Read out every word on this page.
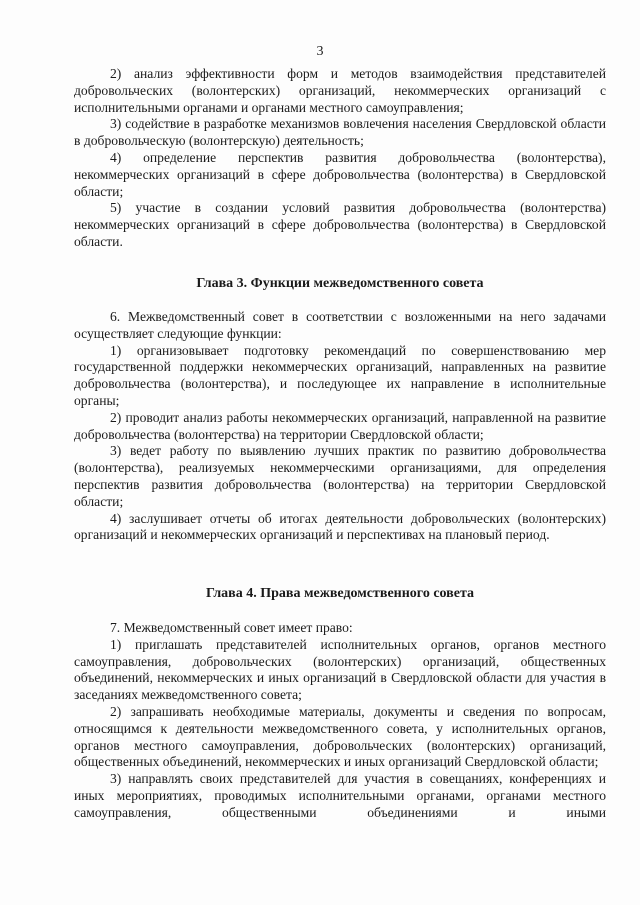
3

2) анализ эффективности форм и методов взаимодействия представителей добровольческих (волонтерских) организаций, некоммерческих организаций с исполнительными органами и органами местного самоуправления;

3) содействие в разработке механизмов вовлечения населения Свердловской области в добровольческую (волонтерскую) деятельность;

4) определение перспектив развития добровольчества (волонтерства), некоммерческих организаций в сфере добровольчества (волонтерства) в Свердловской области;

5) участие в создании условий развития добровольчества (волонтерства) некоммерческих организаций в сфере добровольчества (волонтерства) в Свердловской области.

Глава 3. Функции межведомственного совета

6. Межведомственный совет в соответствии с возложенными на него задачами осуществляет следующие функции:

1) организовывает подготовку рекомендаций по совершенствованию мер государственной поддержки некоммерческих организаций, направленных на развитие добровольчества (волонтерства), и последующее их направление в исполнительные органы;

2) проводит анализ работы некоммерческих организаций, направленной на развитие добровольчества (волонтерства) на территории Свердловской области;

3) ведет работу по выявлению лучших практик по развитию добровольчества (волонтерства), реализуемых некоммерческими организациями, для определения перспектив развития добровольчества (волонтерства) на территории Свердловской области;

4) заслушивает отчеты об итогах деятельности добровольческих (волонтерских) организаций и некоммерческих организаций и перспективах на плановый период.

Глава 4. Права межведомственного совета

7. Межведомственный совет имеет право:

1) приглашать представителей исполнительных органов, органов местного самоуправления, добровольческих (волонтерских) организаций, общественных объединений, некоммерческих и иных организаций в Свердловской области для участия в заседаниях межведомственного совета;

2) запрашивать необходимые материалы, документы и сведения по вопросам, относящимся к деятельности межведомственного совета, у исполнительных органов, органов местного самоуправления, добровольческих (волонтерских) организаций, общественных объединений, некоммерческих и иных организаций Свердловской области;

3) направлять своих представителей для участия в совещаниях, конференциях и иных мероприятиях, проводимых исполнительными органами, органами местного самоуправления, общественными объединениями и иными
